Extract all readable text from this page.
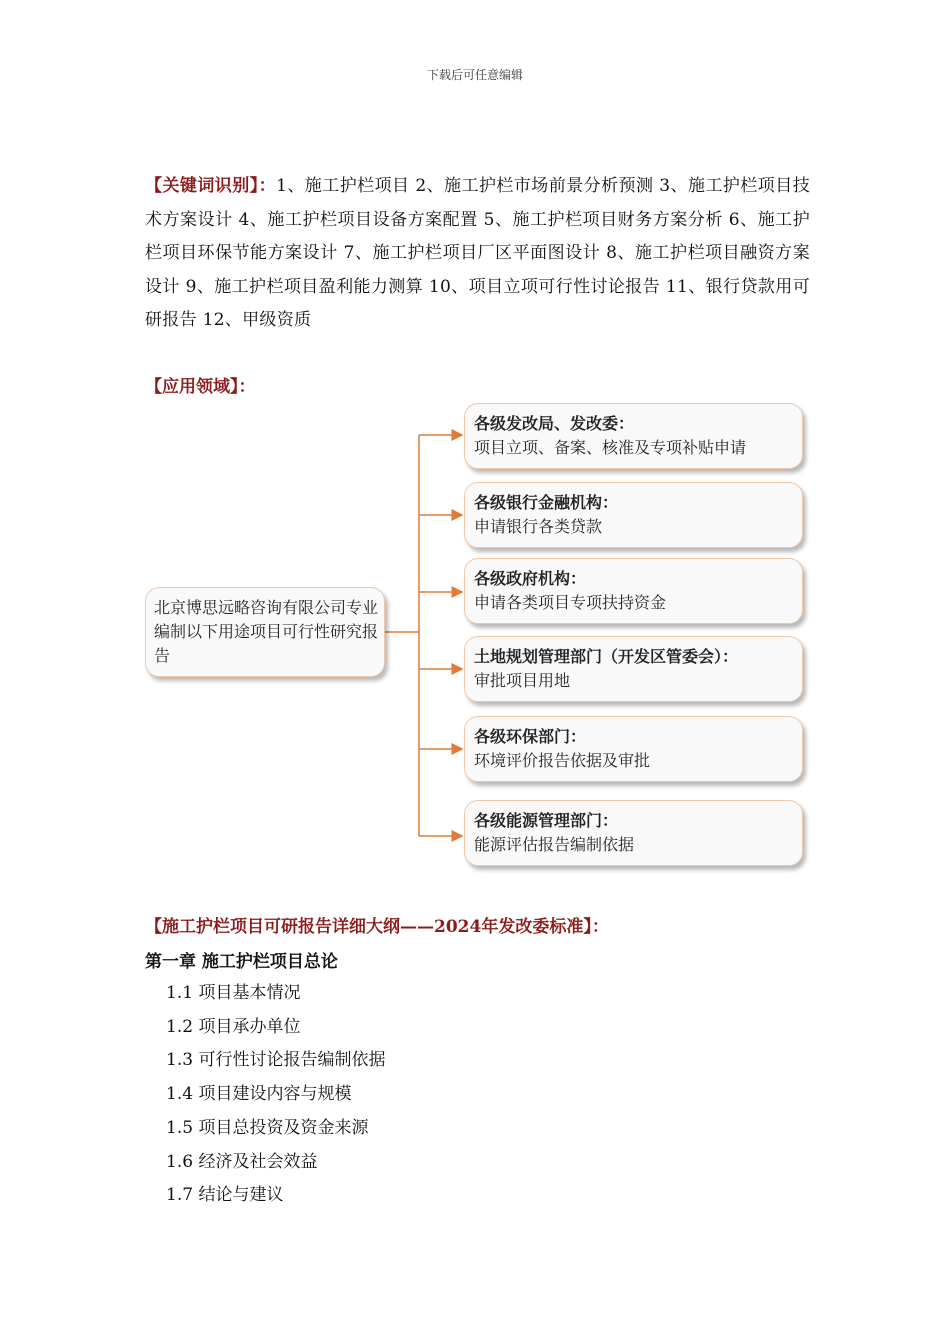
下载后可任意编辑
【关键词识别】：1、施工护栏项目 2、施工护栏市场前景分析预测 3、施工护栏项目技术方案设计 4、施工护栏项目设备方案配置 5、施工护栏项目财务方案分析 6、施工护栏项目环保节能方案设计 7、施工护栏项目厂区平面图设计 8、施工护栏项目融资方案设计 9、施工护栏项目盈利能力测算 10、项目立项可行性讨论报告 11、银行贷款用可研报告 12、甲级资质
【应用领域】：
北京博思远略咨询有限公司专业编制以下用途项目可行性研究报告
各级发改局、发改委：
项目立项、备案、核准及专项补贴申请
各级银行金融机构：
申请银行各类贷款
各级政府机构：
申请各类项目专项扶持资金
土地规划管理部门（开发区管委会）：
审批项目用地
各级环保部门：
环境评价报告依据及审批
各级能源管理部门：
能源评估报告编制依据
【施工护栏项目可研报告详细大纲——2024年发改委标准】：
第一章 施工护栏项目总论
1.1 项目基本情况
1.2 项目承办单位
1.3 可行性讨论报告编制依据
1.4 项目建设内容与规模
1.5 项目总投资及资金来源
1.6 经济及社会效益
1.7 结论与建议
